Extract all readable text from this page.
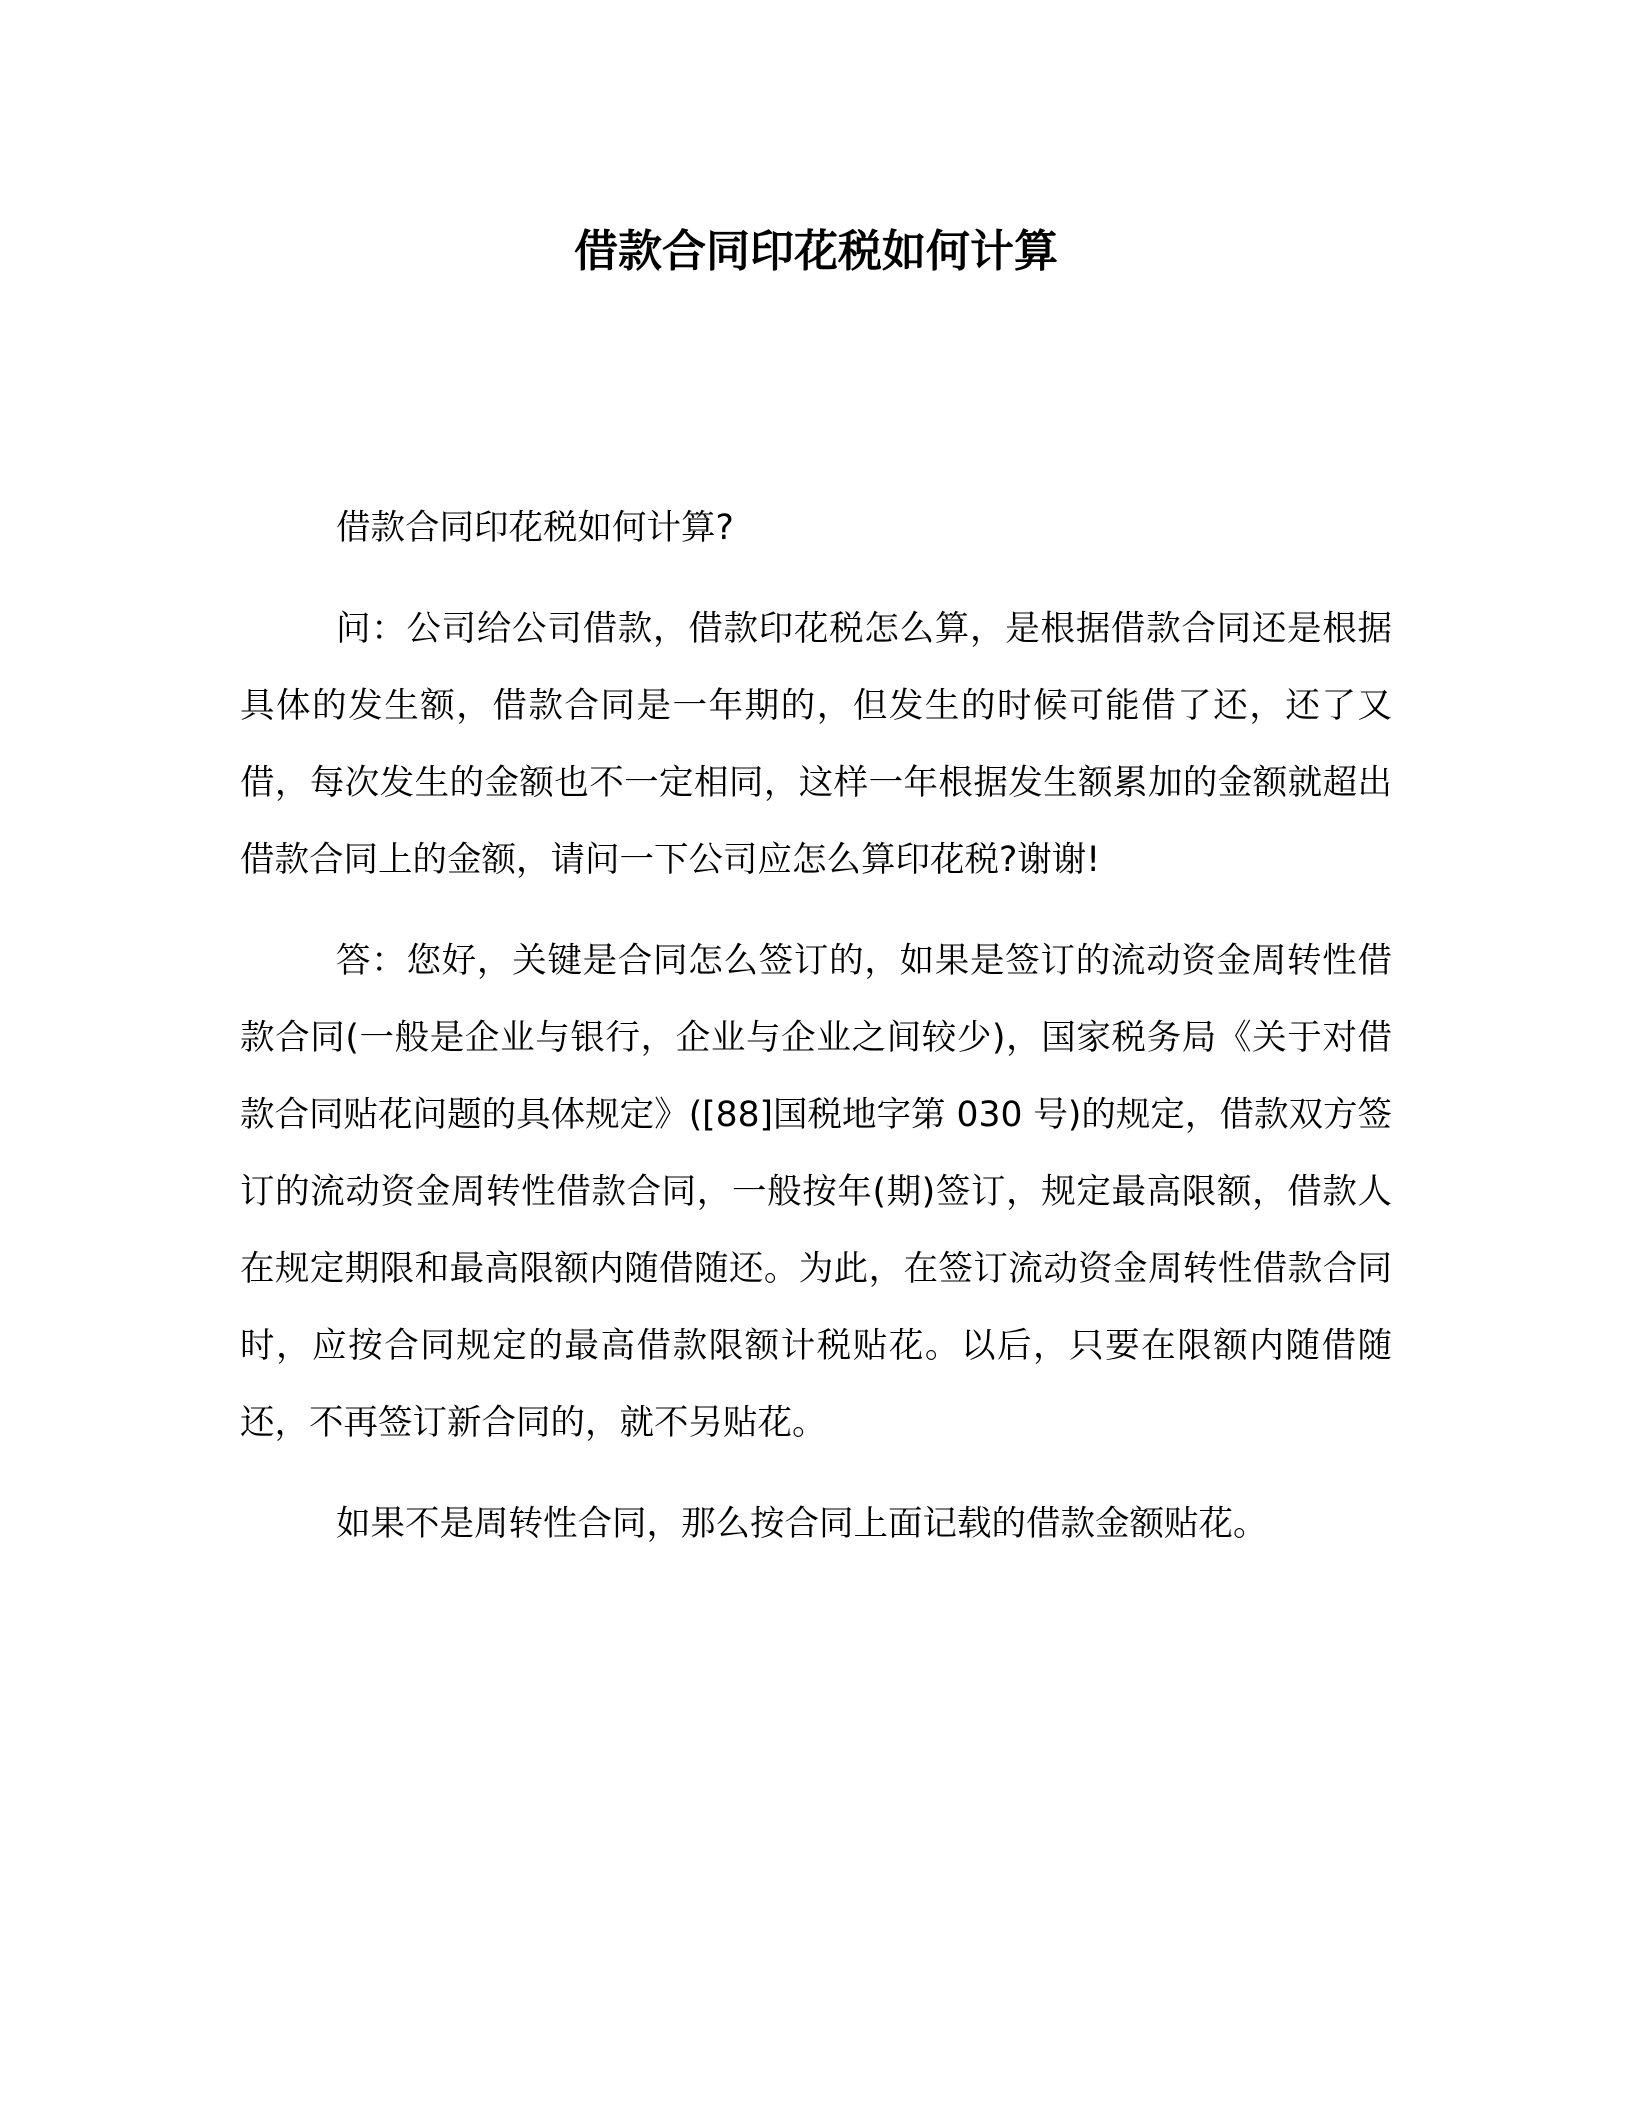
借款合同印花税如何计算

借款合同印花税如何计算?

问：公司给公司借款，借款印花税怎么算，是根据借款合同还是根据具体的发生额，借款合同是一年期的，但发生的时候可能借了还，还了又借，每次发生的金额也不一定相同，这样一年根据发生额累加的金额就超出借款合同上的金额，请问一下公司应怎么算印花税?谢谢!

答：您好，关键是合同怎么签订的，如果是签订的流动资金周转性借款合同(一般是企业与银行，企业与企业之间较少)，国家税务局《关于对借款合同贴花问题的具体规定》([88]国税地字第 030 号)的规定，借款双方签订的流动资金周转性借款合同，一般按年(期)签订，规定最高限额，借款人在规定期限和最高限额内随借随还。为此，在签订流动资金周转性借款合同时，应按合同规定的最高借款限额计税贴花。以后，只要在限额内随借随还，不再签订新合同的，就不另贴花。

如果不是周转性合同，那么按合同上面记载的借款金额贴花。
